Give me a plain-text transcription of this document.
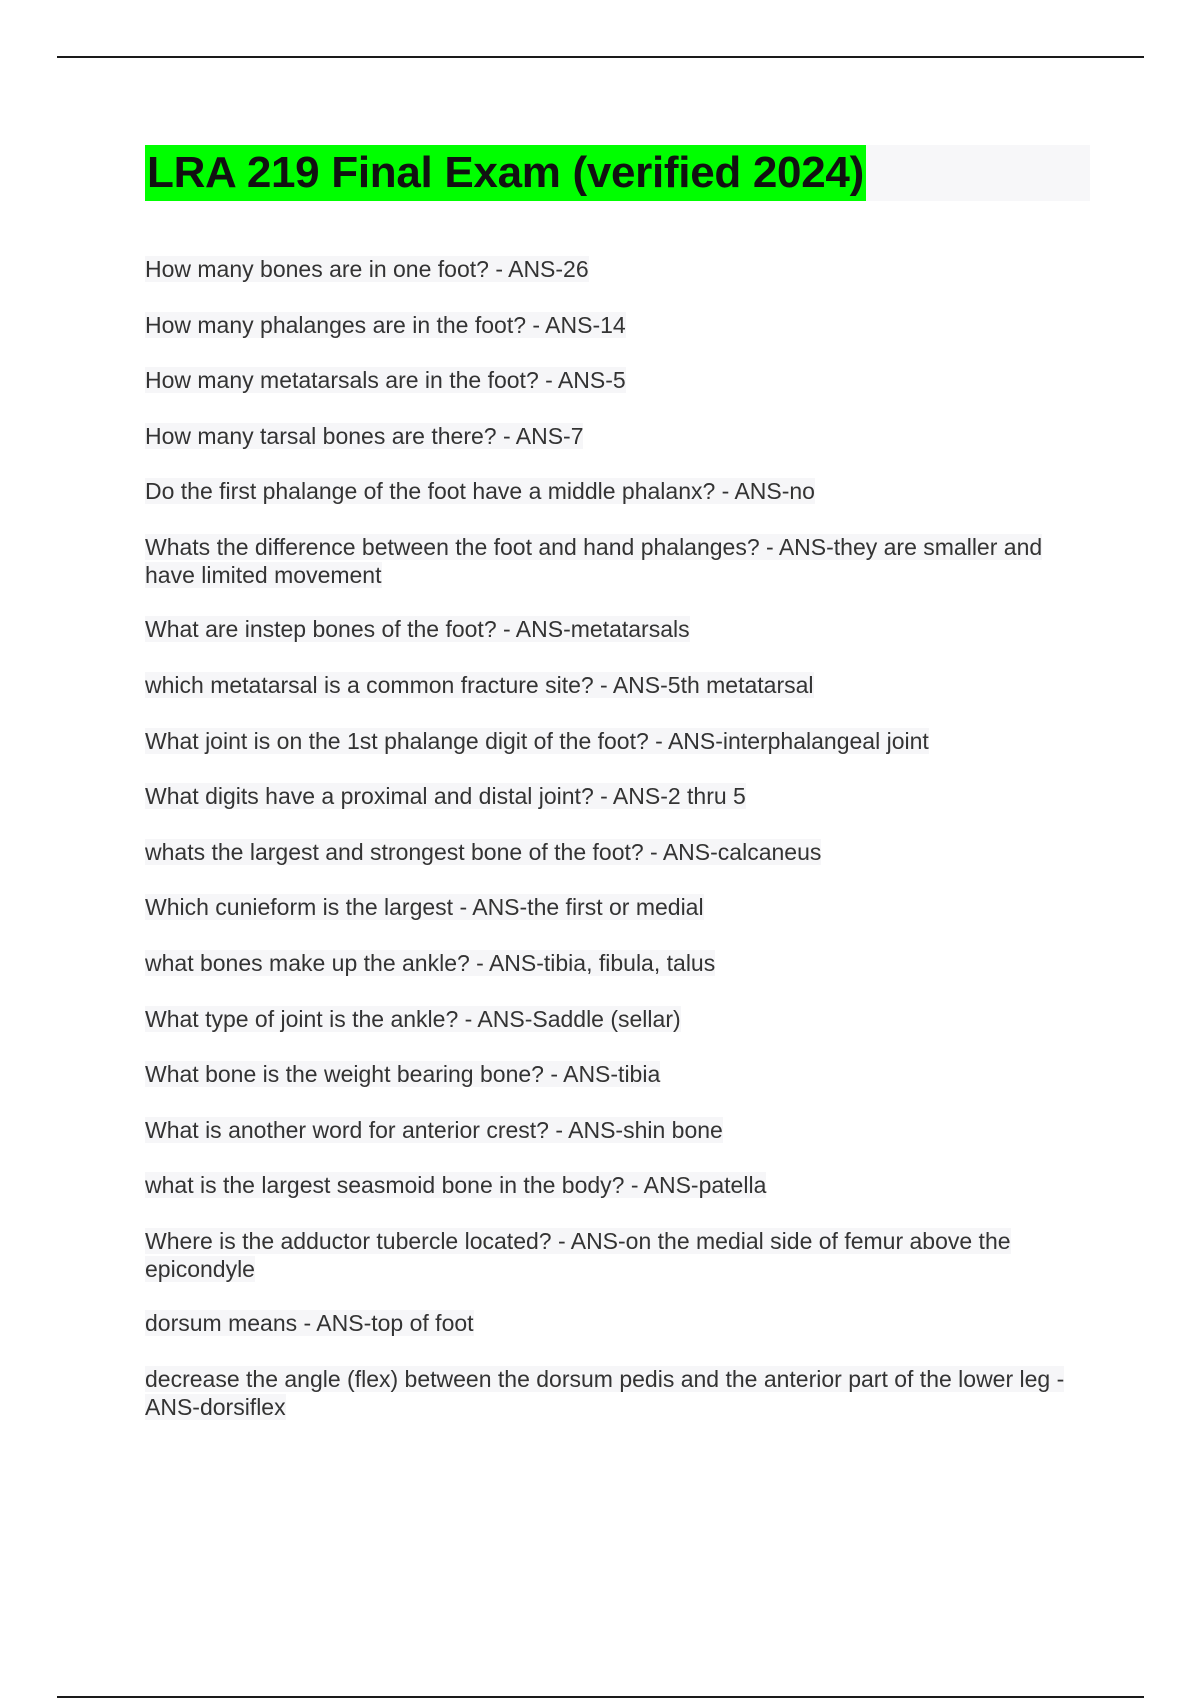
LRA 219 Final Exam (verified 2024)

How many bones are in one foot? - ANS-26

How many phalanges are in the foot? - ANS-14

How many metatarsals are in the foot? - ANS-5

How many tarsal bones are there? - ANS-7

Do the first phalange of the foot have a middle phalanx? - ANS-no

Whats the difference between the foot and hand phalanges? - ANS-they are smaller and have limited movement

What are instep bones of the foot? - ANS-metatarsals

which metatarsal is a common fracture site? - ANS-5th metatarsal

What joint is on the 1st phalange digit of the foot? - ANS-interphalangeal joint

What digits have a proximal and distal joint? - ANS-2 thru 5

whats the largest and strongest bone of the foot? - ANS-calcaneus

Which cunieform is the largest - ANS-the first or medial

what bones make up the ankle? - ANS-tibia, fibula, talus

What type of joint is the ankle? - ANS-Saddle (sellar)

What bone is the weight bearing bone? - ANS-tibia

What is another word for anterior crest? - ANS-shin bone

what is the largest seasmoid bone in the body? - ANS-patella

Where is the adductor tubercle located? - ANS-on the medial side of femur above the epicondyle

dorsum means - ANS-top of foot

decrease the angle (flex) between the dorsum pedis and the anterior part of the lower leg - ANS-dorsiflex
